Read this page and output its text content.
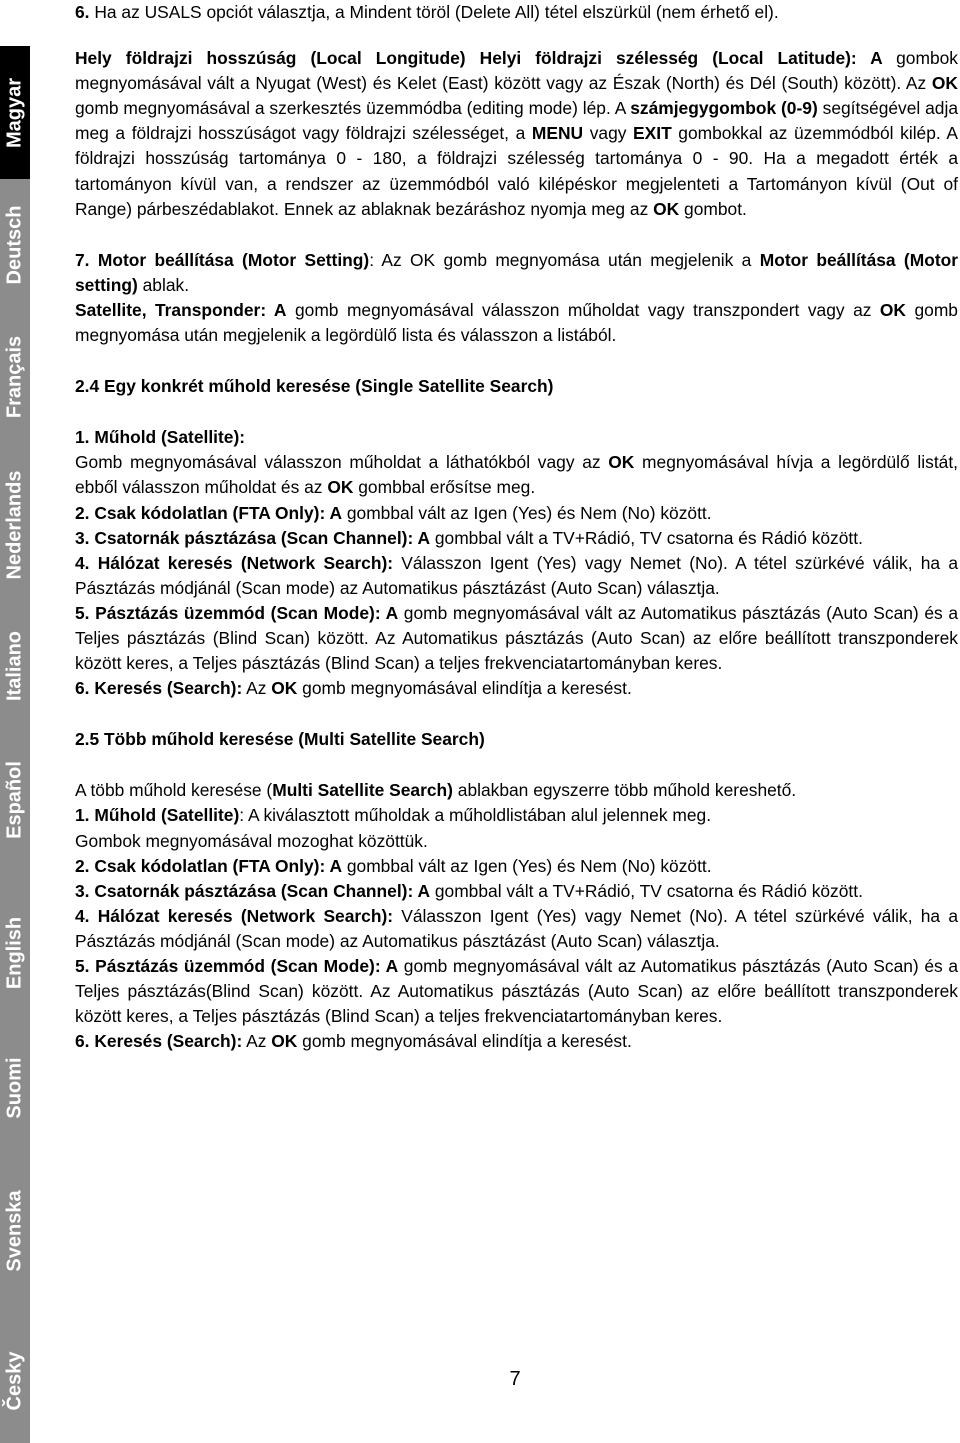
Magyar
Deutsch
Français
Nederlands
Italiano
Español
English
Suomi
Svenska
Česky

6. Ha az USALS opciót választja, a Mindent töröl (Delete All) tétel elszürkül (nem érhető el).

Hely földrajzi hosszúság (Local Longitude) Helyi földrajzi szélesség (Local Latitude): A gombok megnyomásával vált a Nyugat (West) és Kelet (East) között vagy az Észak (North) és Dél (South) között). Az OK gomb megnyomásával a szerkesztés üzemmódba (editing mode) lép. A számjegygombok (0-9) segítségével adja meg a földrajzi hosszúságot vagy földrajzi szélességet, a MENU vagy EXIT gombokkal az üzemmódból kilép. A földrajzi hosszúság tartománya 0 - 180, a földrajzi szélesség tartománya 0 - 90. Ha a megadott érték a tartományon kívül van, a rendszer az üzemmódból való kilépéskor megjelenteti a Tartományon kívül (Out of Range) párbeszédablakot. Ennek az ablaknak bezáráshoz nyomja meg az OK gombot.

7. Motor beállítása (Motor Setting): Az OK gomb megnyomása után megjelenik a Motor beállítása (Motor setting) ablak.

Satellite, Transponder: A gomb megnyomásával válasszon műholdat vagy transzpondert vagy az OK gomb megnyomása után megjelenik a legördülő lista és válasszon a listából.

2.4 Egy konkrét műhold keresése (Single Satellite Search)

1. Műhold (Satellite):

Gomb megnyomásával válasszon műholdat a láthatókból vagy az OK megnyomásával hívja a legördülő listát, ebből válasszon műholdat és az OK gombbal erősítse meg.

2. Csak kódolatlan (FTA Only): A gombbal vált az Igen (Yes) és Nem (No) között.

3. Csatornák pásztázása (Scan Channel): A gombbal vált a TV+Rádió, TV csatorna és Rádió között.

4. Hálózat keresés (Network Search): Válasszon Igent (Yes) vagy Nemet (No). A tétel szürkévé válik, ha a Pásztázás módjánál (Scan mode) az Automatikus pásztázást (Auto Scan) választja.

5. Pásztázás üzemmód (Scan Mode): A gomb megnyomásával vált az Automatikus pásztázás (Auto Scan) és a Teljes pásztázás (Blind Scan) között. Az Automatikus pásztázás (Auto Scan) az előre beállított transzponderek között keres, a Teljes pásztázás (Blind Scan) a teljes frekvenciatartományban keres.

6. Keresés (Search): Az OK gomb megnyomásával elindítja a keresést.

2.5 Több műhold keresése (Multi Satellite Search)

A több műhold keresése (Multi Satellite Search) ablakban egyszerre több műhold kereshető.

1. Műhold (Satellite): A kiválasztott műholdak a műholdlistában alul jelennek meg.

Gombok megnyomásával mozoghat közöttük.

2. Csak kódolatlan (FTA Only): A gombbal vált az Igen (Yes) és Nem (No) között.

3. Csatornák pásztázása (Scan Channel): A gombbal vált a TV+Rádió, TV csatorna és Rádió között.

4. Hálózat keresés (Network Search): Válasszon Igent (Yes) vagy Nemet (No). A tétel szürkévé válik, ha a Pásztázás módjánál (Scan mode) az Automatikus pásztázást (Auto Scan) választja.

5. Pásztázás üzemmód (Scan Mode): A gomb megnyomásával vált az Automatikus pásztázás (Auto Scan) és a Teljes pásztázás(Blind Scan) között. Az Automatikus pásztázás (Auto Scan) az előre beállított transzponderek között keres, a Teljes pásztázás (Blind Scan) a teljes frekvenciatartományban keres.

6. Keresés (Search): Az OK gomb megnyomásával elindítja a keresést.

7
